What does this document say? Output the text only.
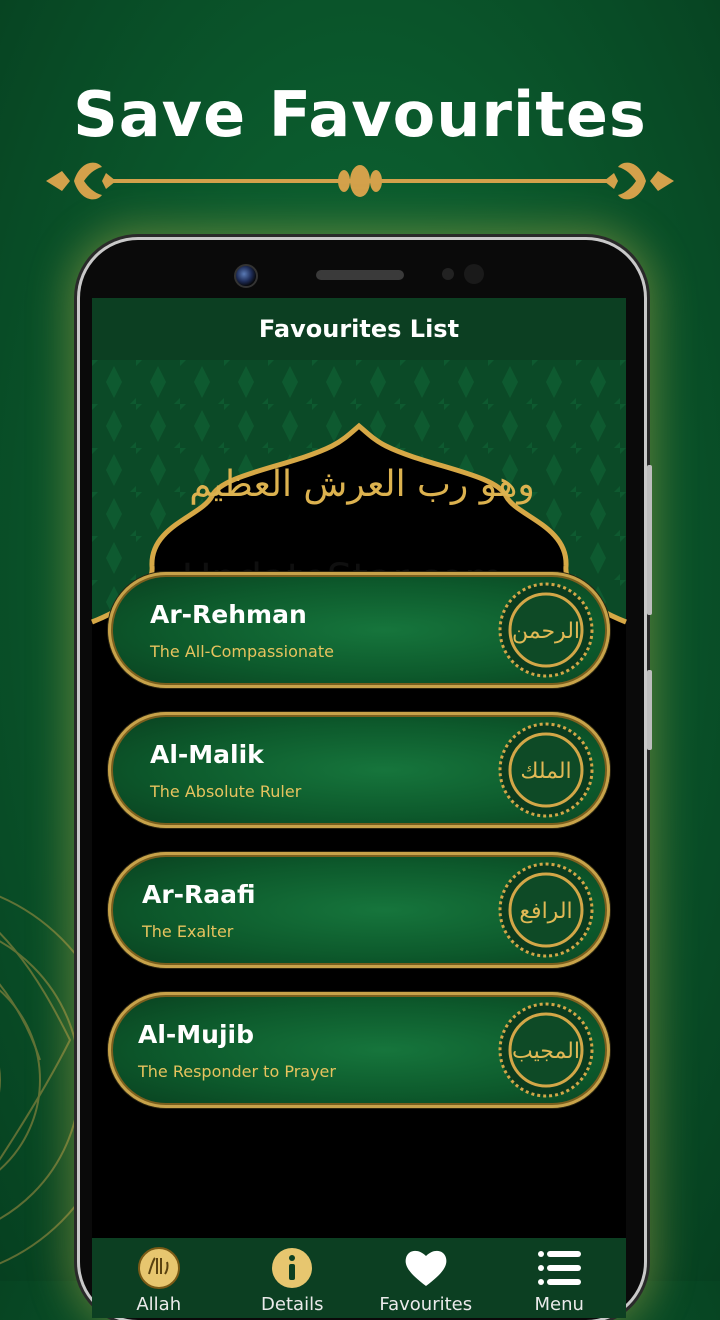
Save Favourites
Favourites List
وهو رب العرش العظيم
Ar-Rehman
The All-Compassionate
الرحمن
Al-Malik
The Absolute Ruler
الملك
Ar-Raafi
The Exalter
الرافع
Al-Mujib
The Responder to Prayer
المجيب
Allah	Details	Favourites	Menu
